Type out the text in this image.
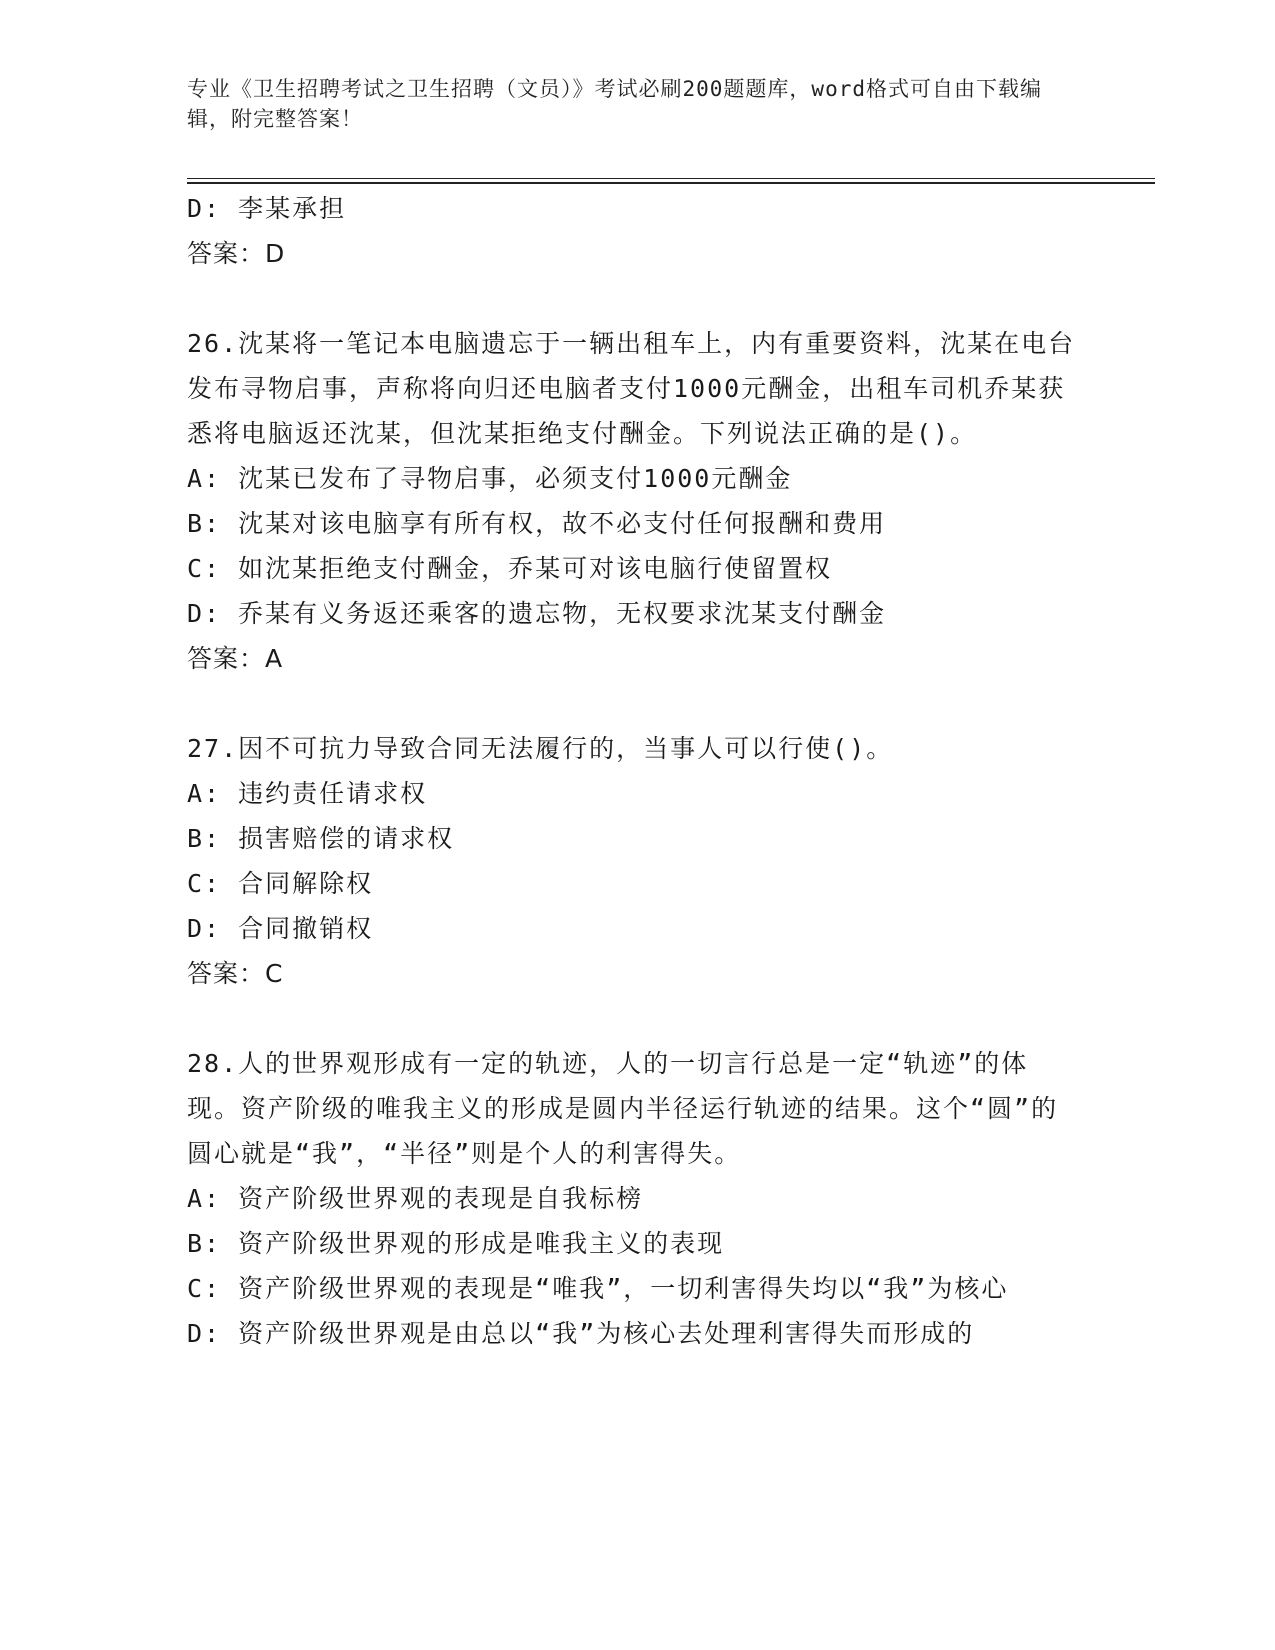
专业《卫生招聘考试之卫生招聘（文员）》考试必刷200题题库，word格式可自由下载编辑，附完整答案！
D: 李某承担
答案：D
26.沈某将一笔记本电脑遗忘于一辆出租车上，内有重要资料，沈某在电台发布寻物启事，声称将向归还电脑者支付1000元酬金，出租车司机乔某获悉将电脑返还沈某，但沈某拒绝支付酬金。下列说法正确的是()。
A: 沈某已发布了寻物启事，必须支付1000元酬金
B: 沈某对该电脑享有所有权，故不必支付任何报酬和费用
C: 如沈某拒绝支付酬金，乔某可对该电脑行使留置权
D: 乔某有义务返还乘客的遗忘物，无权要求沈某支付酬金
答案：A
27.因不可抗力导致合同无法履行的，当事人可以行使()。
A: 违约责任请求权
B: 损害赔偿的请求权
C: 合同解除权
D: 合同撤销权
答案：C
28.人的世界观形成有一定的轨迹，人的一切言行总是一定“轨迹”的体现。资产阶级的唯我主义的形成是圆内半径运行轨迹的结果。这个“圆”的圆心就是“我”，“半径”则是个人的利害得失。
A: 资产阶级世界观的表现是自我标榜
B: 资产阶级世界观的形成是唯我主义的表现
C: 资产阶级世界观的表现是“唯我”，一切利害得失均以“我”为核心
D: 资产阶级世界观是由总以“我”为核心去处理利害得失而形成的
